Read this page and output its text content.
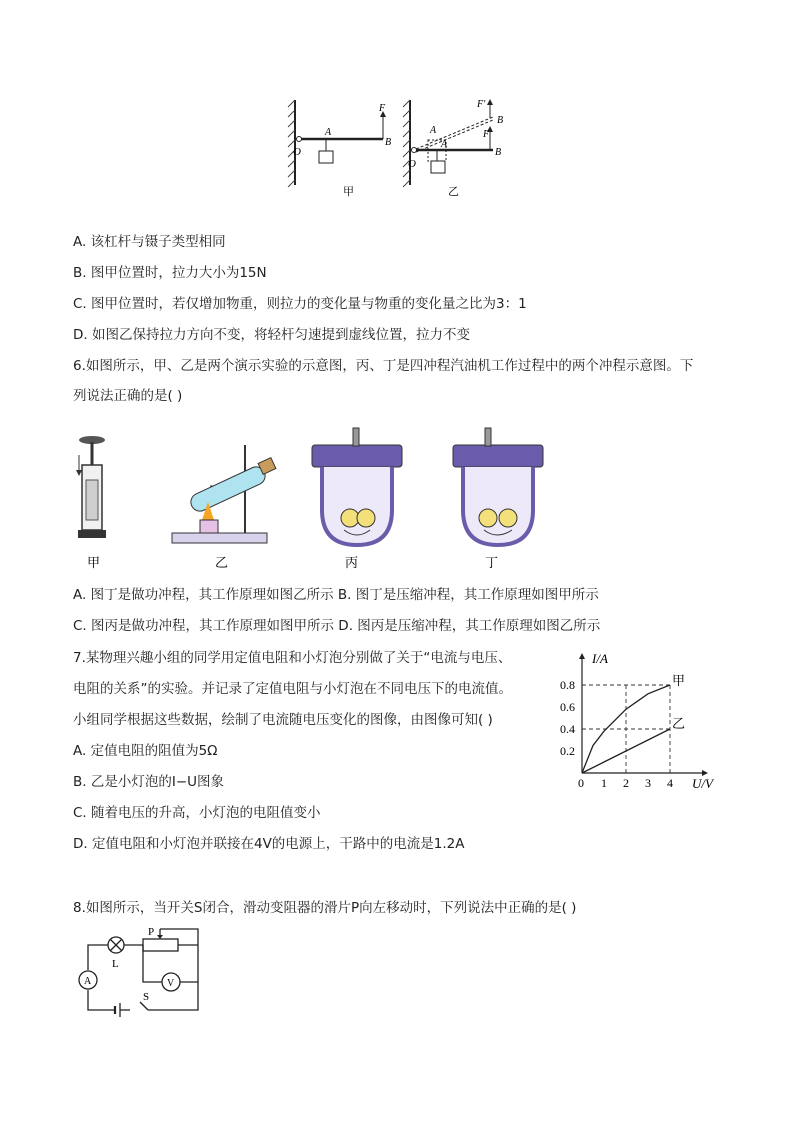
O
A
B
F
甲
O
A
A
B
B
F'
F
乙
A. 该杠杆与镊子类型相同
B. 图甲位置时，拉力大小为15N
C. 图甲位置时，若仅增加物重，则拉力的变化量与物重的变化量之比为3：1
D. 如图乙保持拉力方向不变，将轻杆匀速提到虚线位置，拉力不变
6.如图所示，甲、乙是两个演示实验的示意图，丙、丁是四冲程汽油机工作过程中的两个冲程示意图。下
列说法正确的是( )
甲	乙	丙	丁
A. 图丁是做功冲程，其工作原理如图乙所示 B. 图丁是压缩冲程，其工作原理如图甲所示
C. 图丙是做功冲程，其工作原理如图甲所示 D. 图丙是压缩冲程，其工作原理如图乙所示
7.某物理兴趣小组的同学用定值电阻和小灯泡分别做了关于“电流与电压、
电阻的关系”的实验。并记录了定值电阻与小灯泡在不同电压下的电流值。
小组同学根据这些数据，绘制了电流随电压变化的图像，由图像可知( )
A. 定值电阻的阻值为5Ω
B. 乙是小灯泡的I−U图象
C. 随着电压的升高，小灯泡的电阻值变小
D. 定值电阻和小灯泡并联接在4V的电源上，干路中的电流是1.2A
0 1 2 3 4
0.2
0.4
0.6
0.8	甲
乙
I/A
U/V
8.如图所示，当开关S闭合，滑动变阻器的滑片P向左移动时，下列说法中正确的是( )
P
L
A	V
S
